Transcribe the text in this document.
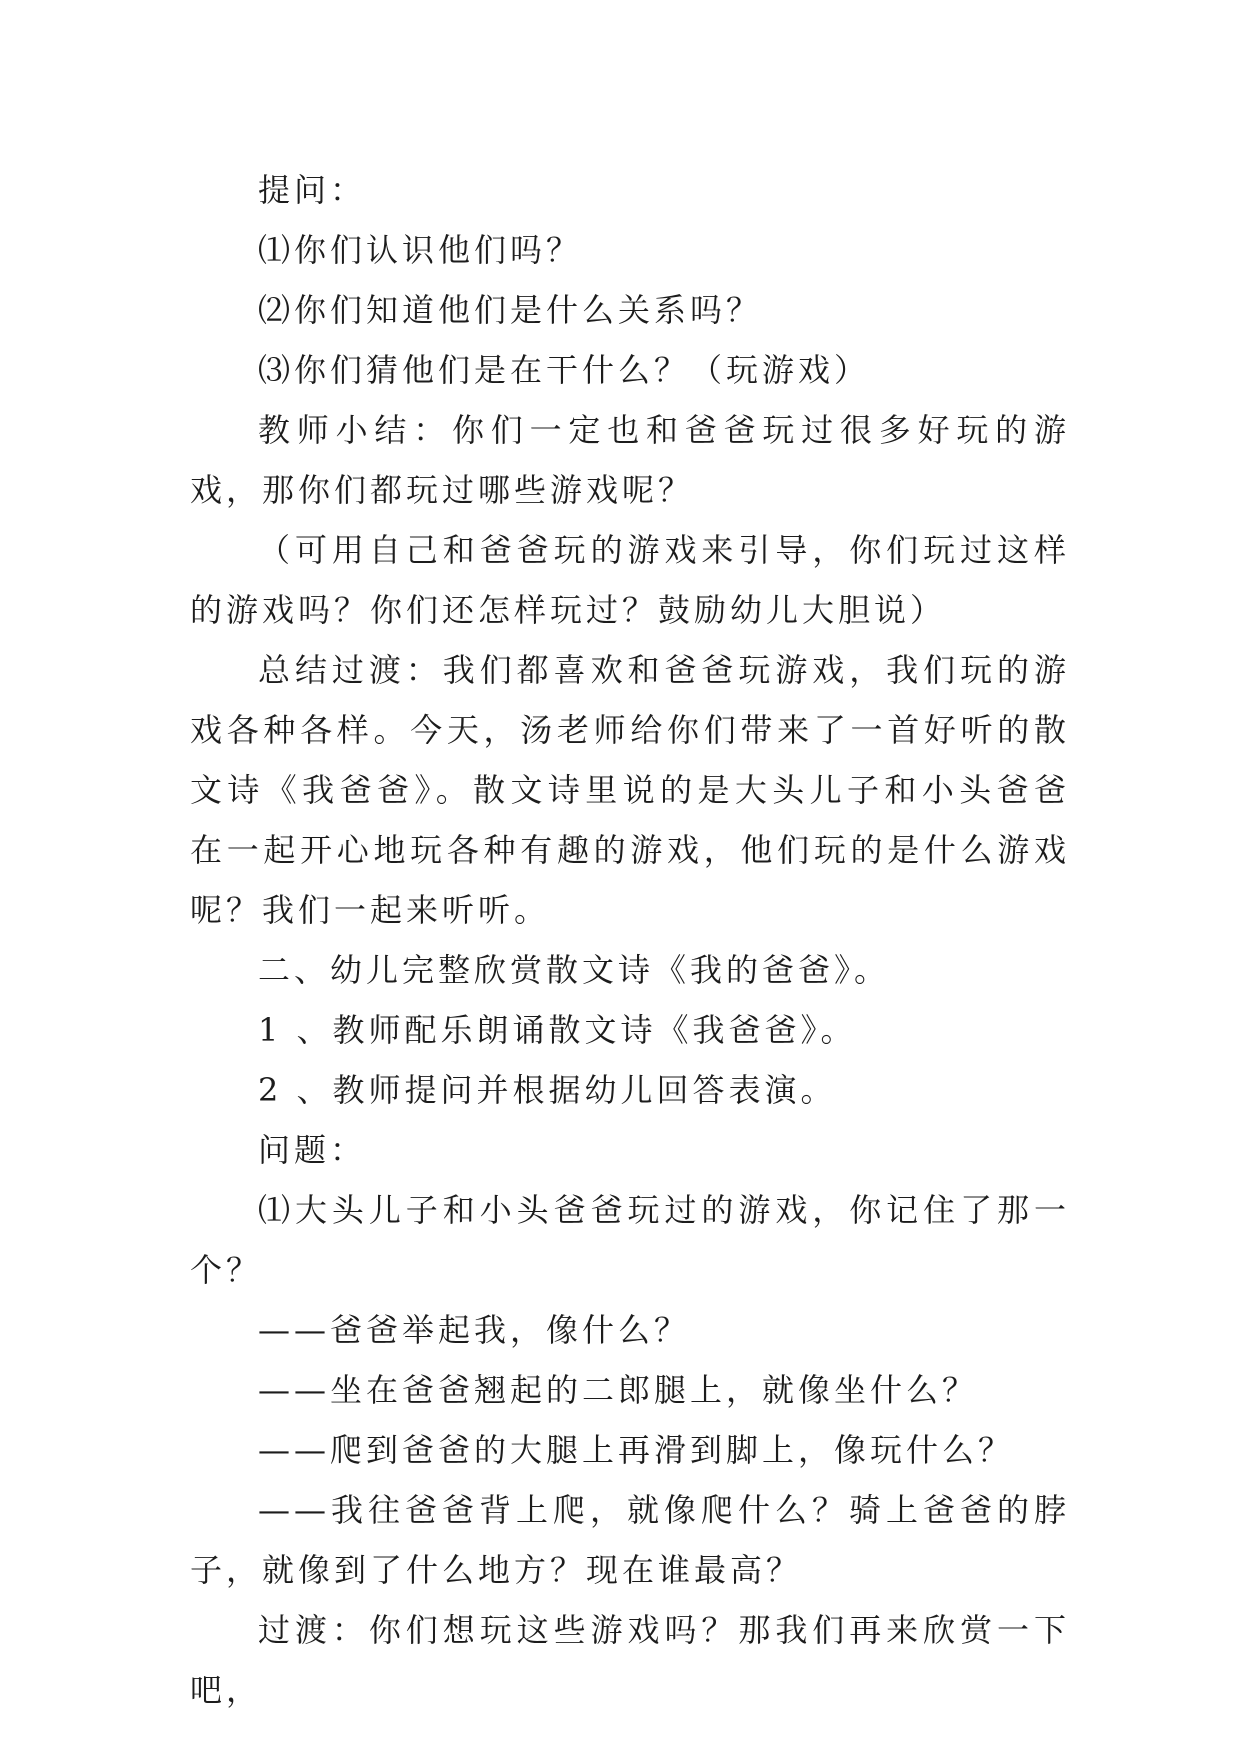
提问：

⑴你们认识他们吗？

⑵你们知道他们是什么关系吗？

⑶你们猜他们是在干什么？（玩游戏）

教师小结：你们一定也和爸爸玩过很多好玩的游戏，那你们都玩过哪些游戏呢？

（可用自己和爸爸玩的游戏来引导，你们玩过这样的游戏吗？你们还怎样玩过？鼓励幼儿大胆说）

总结过渡：我们都喜欢和爸爸玩游戏，我们玩的游戏各种各样。今天，汤老师给你们带来了一首好听的散文诗《我爸爸》。散文诗里说的是大头儿子和小头爸爸在一起开心地玩各种有趣的游戏，他们玩的是什么游戏呢？我们一起来听听。

二、幼儿完整欣赏散文诗《我的爸爸》。

1 、教师配乐朗诵散文诗《我爸爸》。

2 、教师提问并根据幼儿回答表演。

问题：

⑴大头儿子和小头爸爸玩过的游戏，你记住了那一个？

——爸爸举起我，像什么？

——坐在爸爸翘起的二郎腿上，就像坐什么？

——爬到爸爸的大腿上再滑到脚上，像玩什么？

——我往爸爸背上爬，就像爬什么？骑上爸爸的脖子，就像到了什么地方？现在谁最高？

过渡：你们想玩这些游戏吗？那我们再来欣赏一下吧，
